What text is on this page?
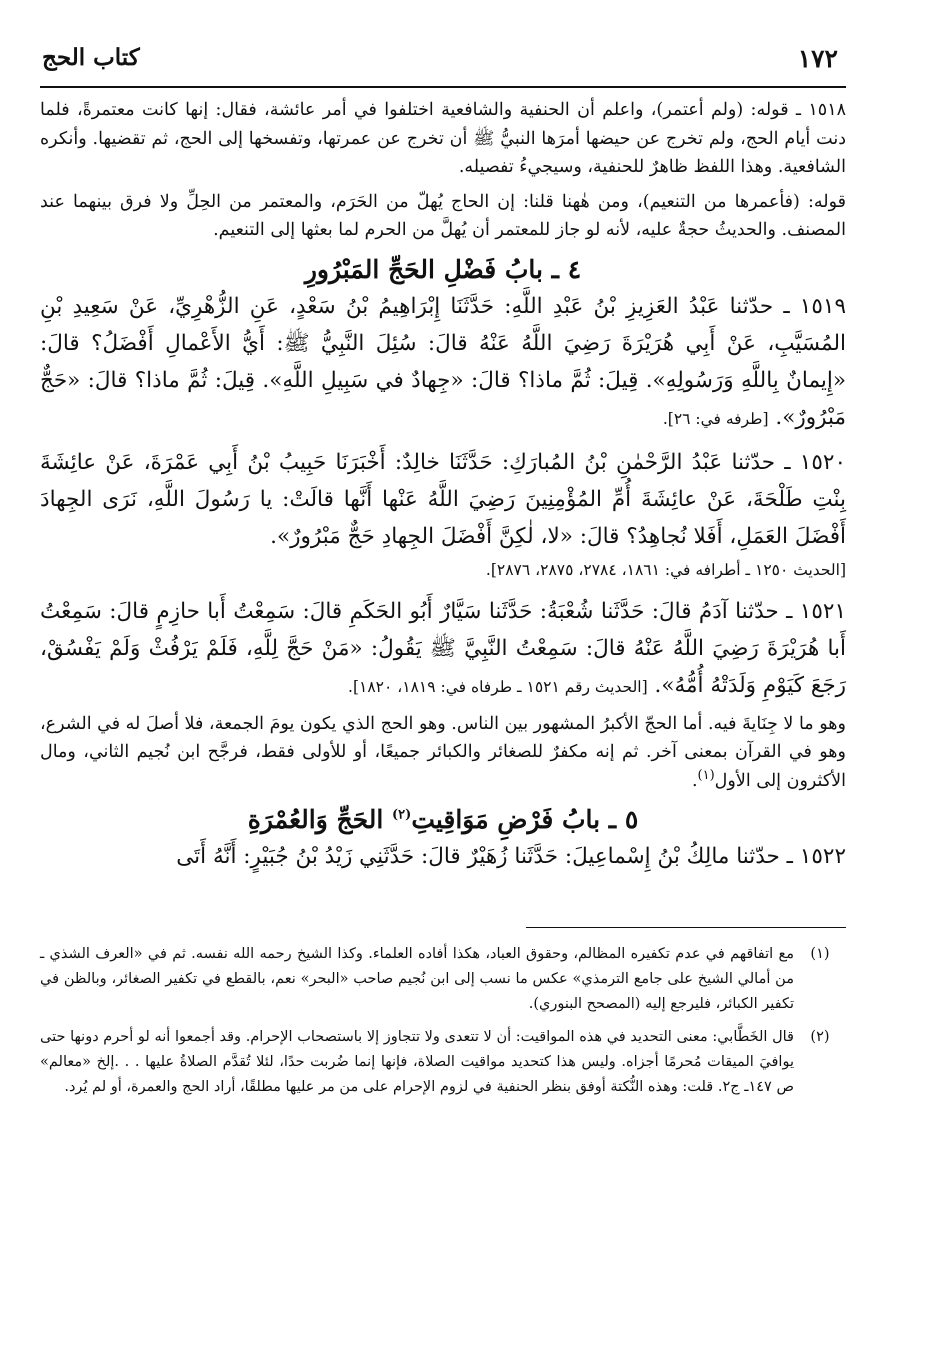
١٧٢
كتاب الحج

١٥١٨ ـ قوله: (ولم أعتمر)، واعلم أن الحنفية والشافعية اختلفوا في أمر عائشة، فقال: إنها كانت معتمرةً، فلما دنت أيام الحج، ولم تخرج عن حيضها أمرَها النبيُّ ﷺ أن تخرج عن عمرتها، وتفسخها إلى الحج، ثم تقضيها. وأنكره الشافعية. وهذا اللفظ ظاهرٌ للحنفية، وسيجيءُ تفصيله.

قوله: (فأعمرها من التنعيم)، ومن هٰهنا قلنا: إن الحاج يُهلّ من الحَرَم، والمعتمر من الحِلِّ ولا فرق بينهما عند المصنف. والحديثُ حجةٌ عليه، لأنه لو جاز للمعتمر أن يُهلَّ من الحرم لما بعثها إلى التنعيم.

٤ ـ بابُ فَضْلِ الحَجِّ المَبْرُورِ

١٥١٩ ـ حدّثنا عَبْدُ العَزِيزِ بْنُ عَبْدِ اللَّهِ: حَدَّثَنَا إِبْرَاهِيمُ بْنُ سَعْدٍ، عَنِ الزُّهْرِيِّ، عَنْ سَعِيدِ بْنِ المُسَيَّبِ، عَنْ أَبِي هُرَيْرَةَ رَضِيَ اللَّهُ عَنْهُ قالَ: سُئِلَ النَّبِيُّ ﷺ: أَيُّ الأَعْمالِ أَفْضَلُ؟ قالَ: «إِيمانٌ بِاللَّهِ وَرَسُولِهِ». قِيلَ: ثُمَّ ماذا؟ قالَ: «جِهادٌ في سَبِيلِ اللَّهِ». قِيلَ: ثُمَّ ماذا؟ قالَ: «حَجٌّ مَبْرُورٌ». [طرفه في: ٢٦].

١٥٢٠ ـ حدّثنا عَبْدُ الرَّحْمٰنِ بْنُ المُبارَكِ: حَدَّثَنَا خالِدٌ: أَخْبَرَنَا حَبِيبُ بْنُ أَبِي عَمْرَةَ، عَنْ عائِشَةَ بِنْتِ طَلْحَةَ، عَنْ عائِشَةَ أُمِّ المُؤْمِنِينَ رَضِيَ اللَّهُ عَنْها أَنَّها قالَتْ: يا رَسُولَ اللَّهِ، نَرَى الجِهادَ أَفْضَلَ العَمَلِ، أَفَلا نُجاهِدُ؟ قالَ: «لا، لٰكِنَّ أَفْضَلَ الجِهادِ حَجٌّ مَبْرُورٌ».

[الحديث ١٢٥٠ ـ أطرافه في: ١٨٦١، ٢٧٨٤، ٢٨٧٥، ٢٨٧٦].

١٥٢١ ـ حدّثنا آدَمُ قالَ: حَدَّثَنا شُعْبَةُ: حَدَّثَنا سَيَّارٌ أَبُو الحَكَمِ قالَ: سَمِعْتُ أَبا حازِمٍ قالَ: سَمِعْتُ أَبا هُرَيْرَةَ رَضِيَ اللَّهُ عَنْهُ قالَ: سَمِعْتُ النَّبِيَّ ﷺ يَقُولُ: «مَنْ حَجَّ لِلَّهِ، فَلَمْ يَرْفُثْ وَلَمْ يَفْسُقْ، رَجَعَ كَيَوْمِ وَلَدَتْهُ أُمُّهُ». [الحديث رقم ١٥٢١ ـ طرفاه في: ١٨١٩، ١٨٢٠].

وهو ما لا جِنَايةَ فيه. أما الحجّ الأكبرُ المشهور بين الناس. وهو الحج الذي يكون يومَ الجمعة، فلا أصلَ له في الشرع، وهو في القرآن بمعنى آخر. ثم إنه مكفرٌ للصغائر والكبائر جميعًا، أو للأولى فقط، فرجَّح ابن نُجيم الثاني، ومال الأكثرون إلى الأول$^{(١)}$.

٥ ـ بابُ فَرْضِ مَوَاقِيتِ$^{(٢)}$ الحَجِّ وَالعُمْرَةِ

١٥٢٢ ـ حدّثنا مالِكُ بْنُ إِسْماعِيلَ: حَدَّثَنا زُهَيْرٌ قالَ: حَدَّثَنِي زَيْدُ بْنُ جُبَيْرٍ: أَنَّهُ أَتَى

(١)
مع اتفاقهم في عدم تكفيره المظالم، وحقوق العباد، هكذا أفاده العلماء. وكذا الشيخ رحمه الله نفسه. ثم في «العرف الشذي ـ من أمالي الشيخ على جامع الترمذي» عكس ما نسب إلى ابن نُجيم صاحب «البحر» نعم، بالقطع في تكفير الصغائر، وبالظن في تكفير الكبائر، فليرجع إليه (المصحح البنوري).
(٢)
قال الخَطَّابي: معنى التحديد في هذه المواقيت: أن لا تتعدى ولا تتجاوز إلا باستصحاب الإحرام. وقد أجمعوا أنه لو أحرم دونها حتى يوافيَ الميقات مُحرمًا أجزاه. وليس هذا كتحديد مواقيت الصلاة، فإنها إنما ضُربت حدًا، لئلا تُقدَّم الصلاةُ عليها . . .إلخ «معالم» ص ١٤٧ـ ج٢. قلت: وهذه النُّكتة أوفق بنظر الحنفية في لزوم الإحرام على من مر عليها مطلقًا، أراد الحج والعمرة، أو لم يُرد.
